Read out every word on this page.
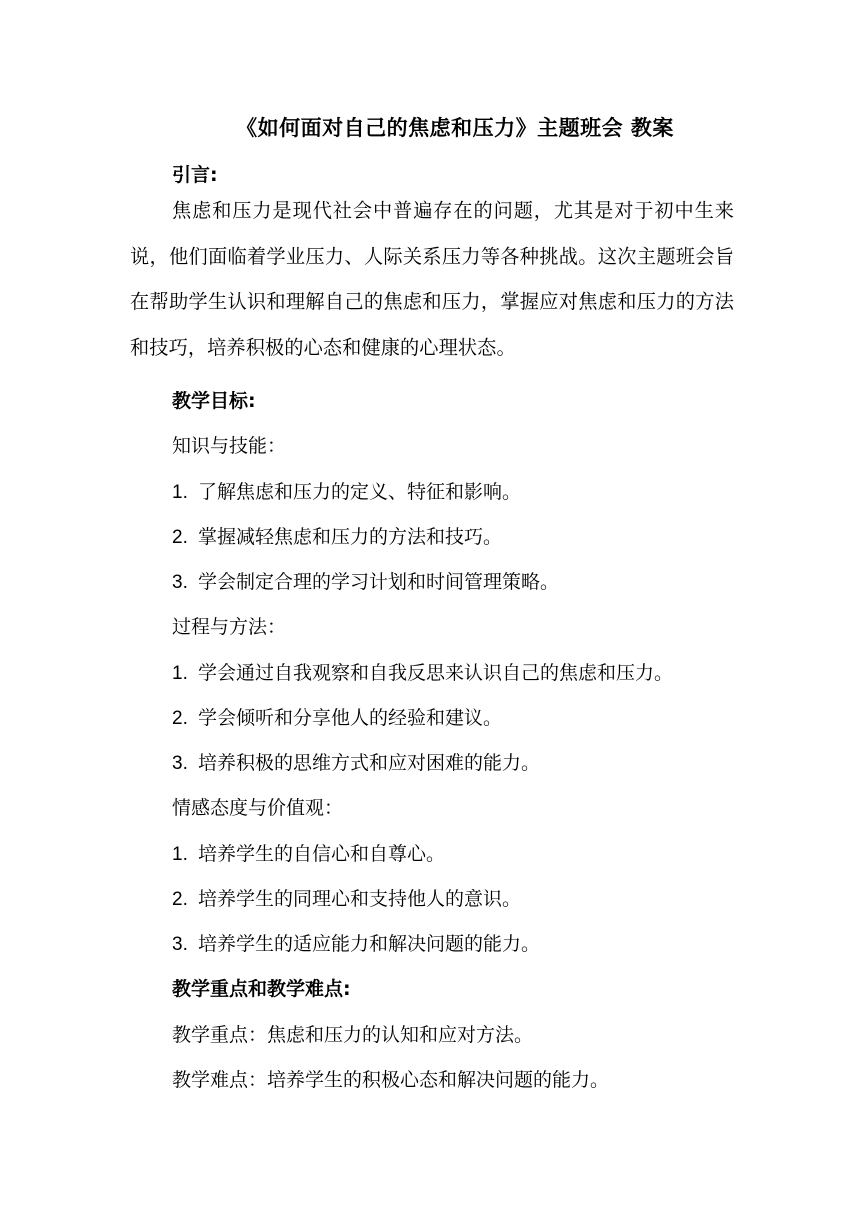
《如何面对自己的焦虑和压力》主题班会 教案
引言:
焦虑和压力是现代社会中普遍存在的问题，尤其是对于初中生来说，他们面临着学业压力、人际关系压力等各种挑战。这次主题班会旨在帮助学生认识和理解自己的焦虑和压力，掌握应对焦虑和压力的方法和技巧，培养积极的心态和健康的心理状态。
教学目标:
知识与技能：
1. 了解焦虑和压力的定义、特征和影响。
2. 掌握减轻焦虑和压力的方法和技巧。
3. 学会制定合理的学习计划和时间管理策略。
过程与方法：
1. 学会通过自我观察和自我反思来认识自己的焦虑和压力。
2. 学会倾听和分享他人的经验和建议。
3. 培养积极的思维方式和应对困难的能力。
情感态度与价值观：
1. 培养学生的自信心和自尊心。
2. 培养学生的同理心和支持他人的意识。
3. 培养学生的适应能力和解决问题的能力。
教学重点和教学难点:
教学重点：焦虑和压力的认知和应对方法。
教学难点：培养学生的积极心态和解决问题的能力。
